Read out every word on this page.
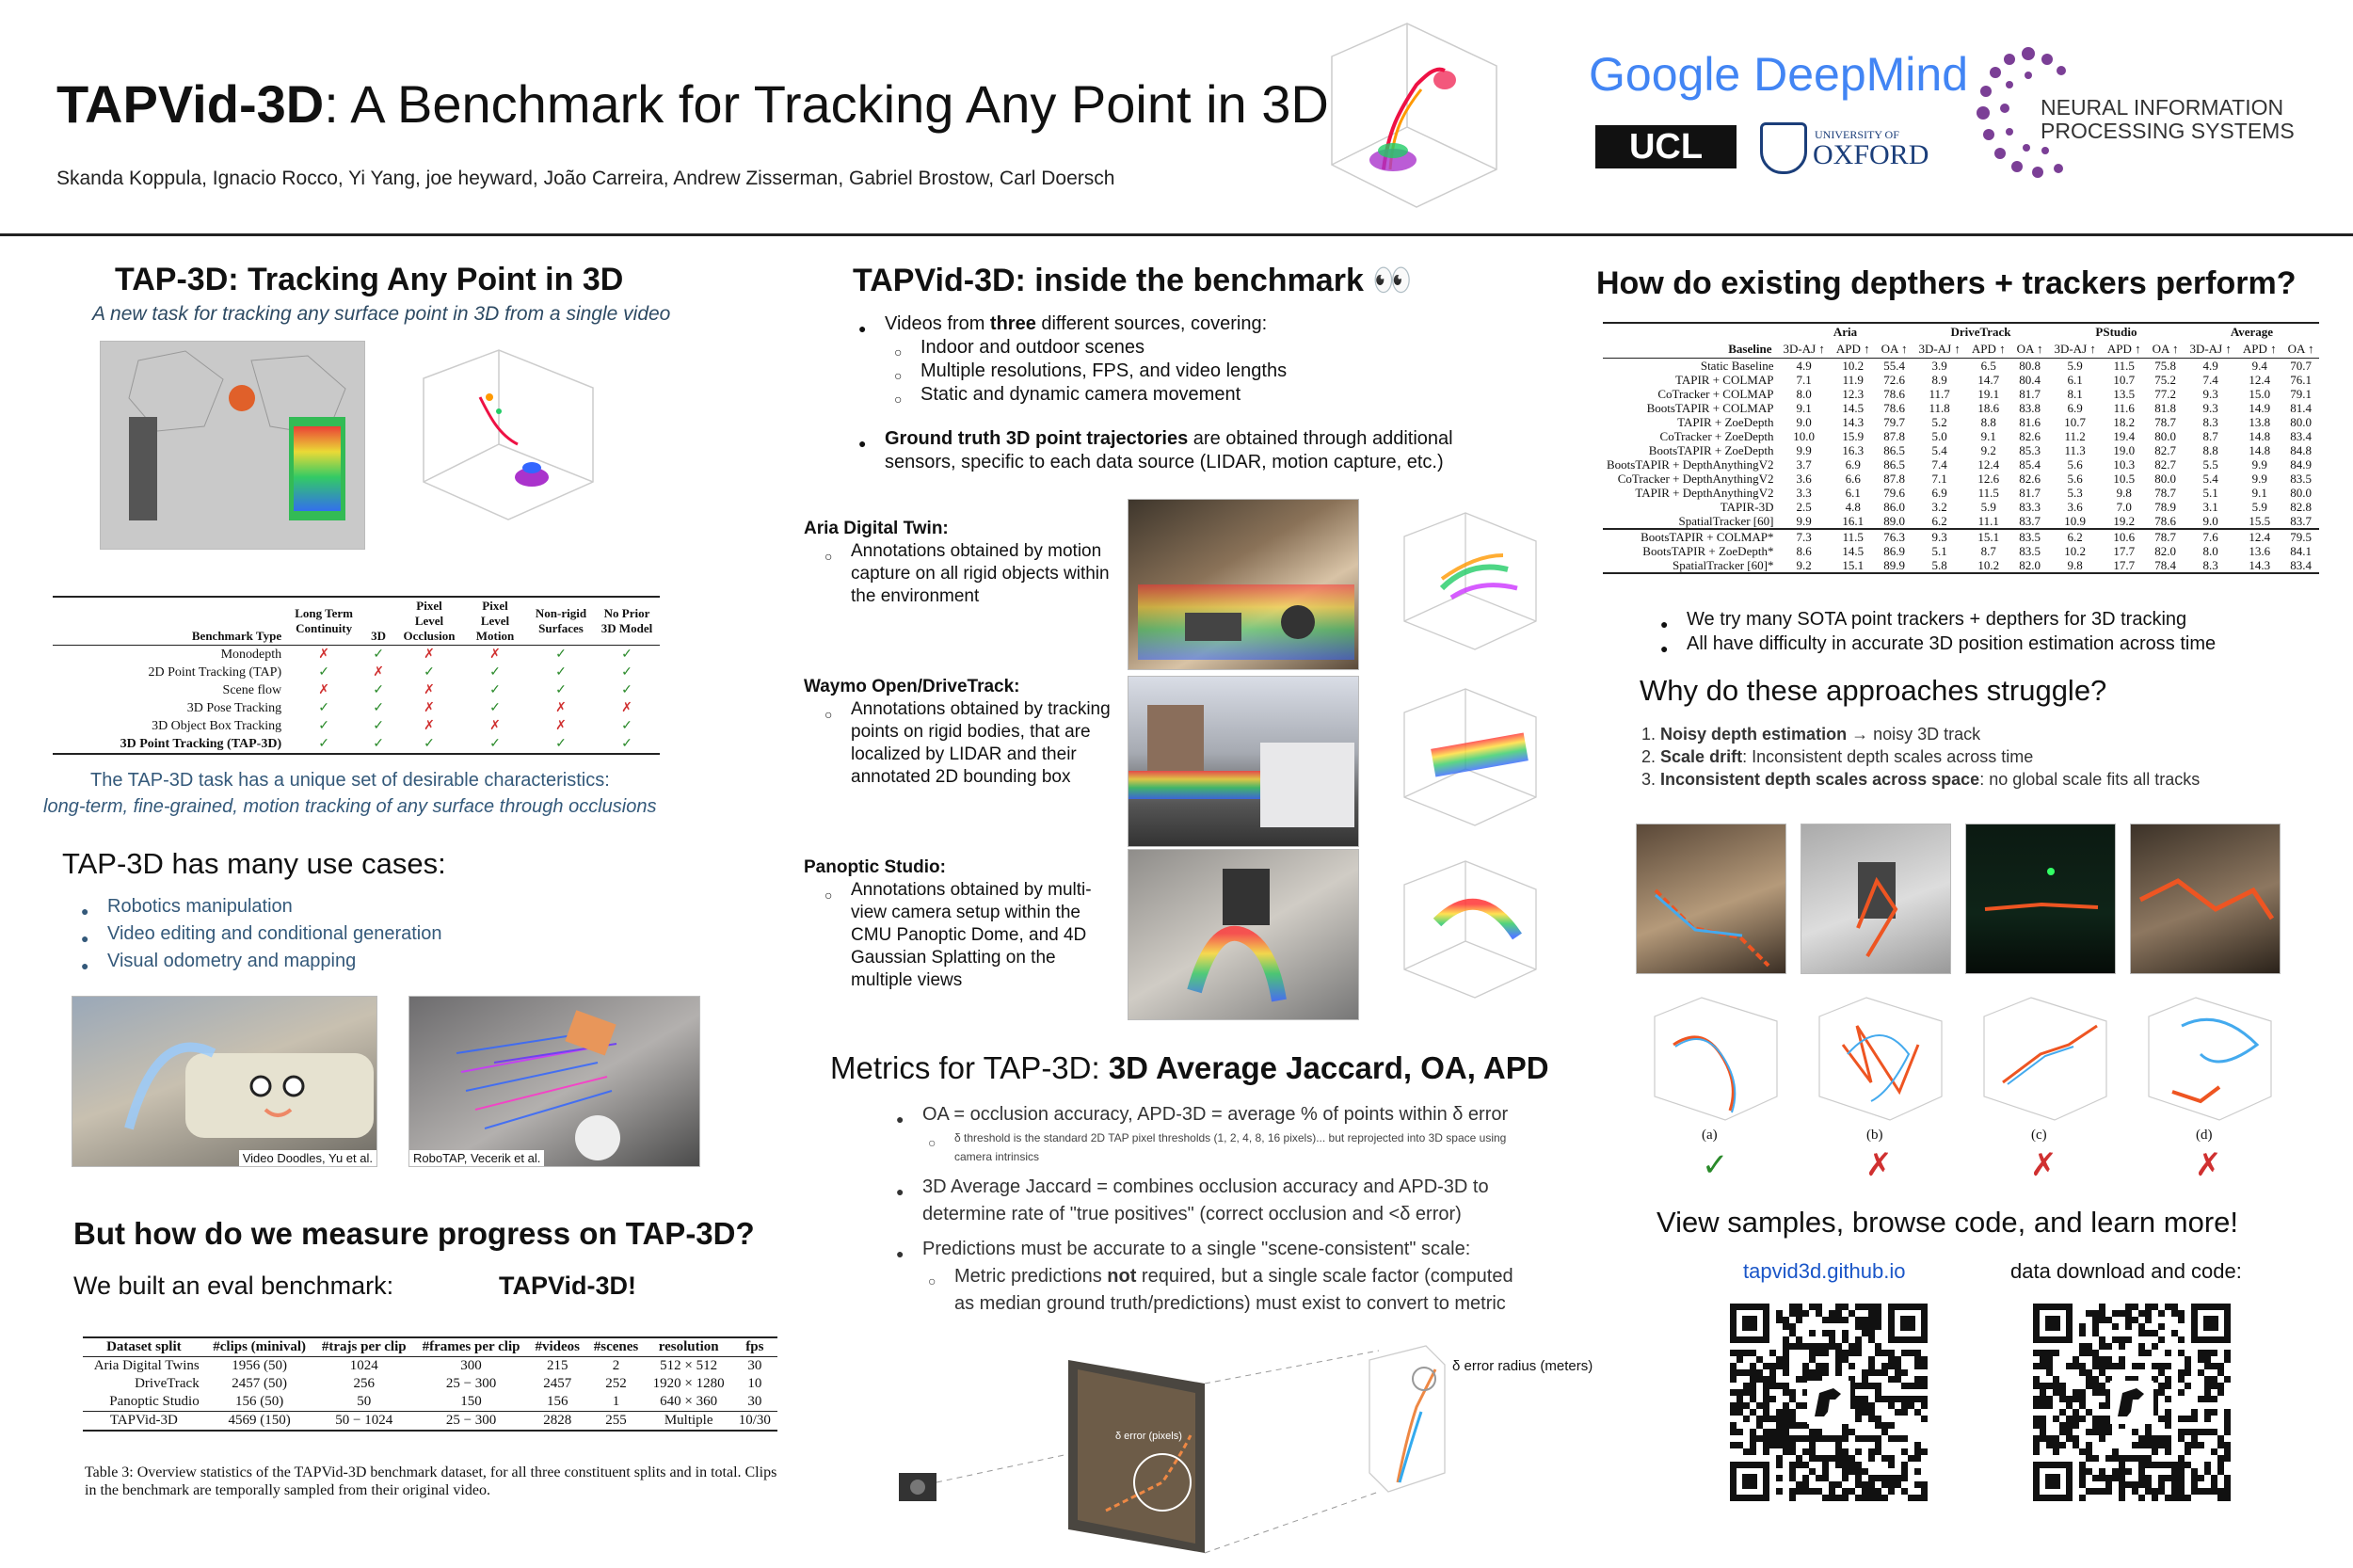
TAPVid-3D: A Benchmark for Tracking Any Point in 3D
Skanda Koppula, Ignacio Rocco, Yi Yang, joe heyward, João Carreira, Andrew Zisserman, Gabriel Brostow, Carl Doersch
Google DeepMind
UCL	UNIVERSITY OF
OXFORD
NEURAL INFORMATION
PROCESSING SYSTEMS
TAP-3D: Tracking Any Point in 3D
A new task for tracking any surface point in 3D from a single video
Benchmark Type	Long Term Continuity	3D	Pixel Level Occlusion	Pixel Level Motion	Non-rigid Surfaces	No Prior 3D Model
Monodepth	✗	✓	✗	✗	✓	✓
2D Point Tracking (TAP)	✓	✗	✓	✓	✓	✓
Scene flow	✗	✓	✗	✓	✓	✓
3D Pose Tracking	✓	✓	✗	✓	✗	✗
3D Object Box Tracking	✓	✓	✗	✗	✗	✓
3D Point Tracking (TAP-3D)	✓	✓	✓	✓	✓	✓
The TAP-3D task has a unique set of desirable characteristics:
long-term, fine-grained, motion tracking of any surface through occlusions
TAP-3D has many use cases:
● Robotics manipulation
● Video editing and conditional generation
● Visual odometry and mapping
Video Doodles, Yu et al.	RoboTAP, Vecerik et al.
But how do we measure progress on TAP-3D?
We built an eval benchmark:	TAPVid-3D!
Dataset split	#clips (minival)	#trajs per clip	#frames per clip	#videos	#scenes	resolution	fps
Aria Digital Twins	1956 (50)	1024	300	215	2	512 × 512	30
DriveTrack	2457 (50)	256	25 − 300	2457	252	1920 × 1280	10
Panoptic Studio	156 (50)	50	150	156	1	640 × 360	30
TAPVid-3D	4569 (150)	50 − 1024	25 − 300	2828	255	Multiple	10/30
Table 3: Overview statistics of the TAPVid-3D benchmark dataset, for all three constituent splits and in total. Clips in the benchmark are temporally sampled from their original video.
TAPVid-3D: inside the benchmark 👀
● Videos from three different sources, covering:
○ Indoor and outdoor scenes
○ Multiple resolutions, FPS, and video lengths
○ Static and dynamic camera movement
● Ground truth 3D point trajectories are obtained through additional sensors, specific to each data source (LIDAR, motion capture, etc.)
Aria Digital Twin:
○ Annotations obtained by motion capture on all rigid objects within the environment
Waymo Open/DriveTrack:
○ Annotations obtained by tracking points on rigid bodies, that are localized by LIDAR and their annotated 2D bounding box
Panoptic Studio:
○ Annotations obtained by multi-view camera setup within the CMU Panoptic Dome, and 4D Gaussian Splatting on the multiple views
Metrics for TAP-3D: 3D Average Jaccard, OA, APD
● OA = occlusion accuracy, APD-3D = average % of points within δ error
○ δ threshold is the standard 2D TAP pixel thresholds (1, 2, 4, 8, 16 pixels)... but reprojected into 3D space using camera intrinsics
● 3D Average Jaccard = combines occlusion accuracy and APD-3D to determine rate of "true positives" (correct occlusion and <δ error)
● Predictions must be accurate to a single "scene-consistent" scale:
○ Metric predictions not required, but a single scale factor (computed as median ground truth/predictions) must exist to convert to metric
δ error radius (meters)
δ error (pixels)
How do existing depthers + trackers perform?
	Aria			DriveTrack			PStudio			Average		
Baseline	3D-AJ ↑	APD ↑	OA ↑	3D-AJ ↑	APD ↑	OA ↑	3D-AJ ↑	APD ↑	OA ↑	3D-AJ ↑	APD ↑	OA ↑
Static Baseline	4.9	10.2	55.4	3.9	6.5	80.8	5.9	11.5	75.8	4.9	9.4	70.7
TAPIR + COLMAP	7.1	11.9	72.6	8.9	14.7	80.4	6.1	10.7	75.2	7.4	12.4	76.1
CoTracker + COLMAP	8.0	12.3	78.6	11.7	19.1	81.7	8.1	13.5	77.2	9.3	15.0	79.1
BootsTAPIR + COLMAP	9.1	14.5	78.6	11.8	18.6	83.8	6.9	11.6	81.8	9.3	14.9	81.4
TAPIR + ZoeDepth	9.0	14.3	79.7	5.2	8.8	81.6	10.7	18.2	78.7	8.3	13.8	80.0
CoTracker + ZoeDepth	10.0	15.9	87.8	5.0	9.1	82.6	11.2	19.4	80.0	8.7	14.8	83.4
BootsTAPIR + ZoeDepth	9.9	16.3	86.5	5.4	9.2	85.3	11.3	19.0	82.7	8.8	14.8	84.8
BootsTAPIR + DepthAnythingV2	3.7	6.9	86.5	7.4	12.4	85.4	5.6	10.3	82.7	5.5	9.9	84.9
CoTracker + DepthAnythingV2	3.6	6.6	87.8	7.1	12.6	82.6	5.6	10.5	80.0	5.4	9.9	83.5
TAPIR + DepthAnythingV2	3.3	6.1	79.6	6.9	11.5	81.7	5.3	9.8	78.7	5.1	9.1	80.0
TAPIR-3D	2.5	4.8	86.0	3.2	5.9	83.3	3.6	7.0	78.9	3.1	5.9	82.8
SpatialTracker [60]	9.9	16.1	89.0	6.2	11.1	83.7	10.9	19.2	78.6	9.0	15.5	83.7
BootsTAPIR + COLMAP*	7.3	11.5	76.3	9.3	15.1	83.5	6.2	10.6	78.7	7.6	12.4	79.5
BootsTAPIR + ZoeDepth*	8.6	14.5	86.9	5.1	8.7	83.5	10.2	17.7	82.0	8.0	13.6	84.1
SpatialTracker [60]*	9.2	15.1	89.9	5.8	10.2	82.0	9.8	17.7	78.4	8.3	14.3	83.4
● We try many SOTA point trackers + depthers for 3D tracking
● All have difficulty in accurate 3D position estimation across time
Why do these approaches struggle?
1. Noisy depth estimation → noisy 3D track
2. Scale drift: Inconsistent depth scales across time
3. Inconsistent depth scales across space: no global scale fits all tracks
(a)	(b)	(c)	(d)
✓	✗	✗	✗
View samples, browse code, and learn more!
tapvid3d.github.io	data download and code:
